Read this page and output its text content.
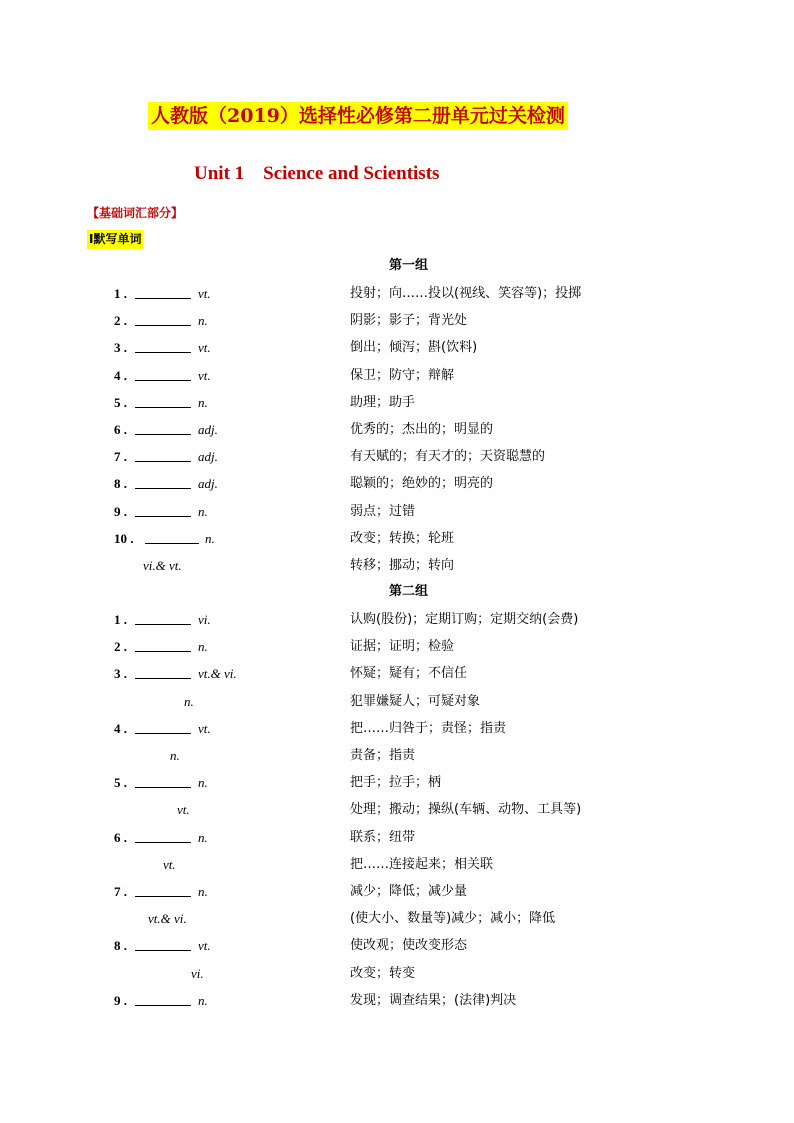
人教版（2019）选择性必修第二册单元过关检测
Unit 1    Science and Scientists
【基础词汇部分】
Ⅰ默写单词
第一组
1 .	vt.	投射；向……投以(视线、笑容等)；投掷
2 .	n.	阴影；影子；背光处
3 .	vt.	倒出；倾泻；斟(饮料)
4 .	vt.	保卫；防守；辩解
5 .	n.	助理；助手
6 .	adj.	优秀的；杰出的；明显的
7 .	adj.	有天赋的；有天才的；天资聪慧的
8 .	adj.	聪颖的；绝妙的；明亮的
9 .	n.	弱点；过错
10 .	n.	改变；转换；轮班
vi.& vt.	转移；挪动；转向
第二组
1 .	vi.	认购(股份)；定期订购；定期交纳(会费)
2 .	n.	证据；证明；检验
3 .	vt.& vi.	怀疑；疑有；不信任
n.	犯罪嫌疑人；可疑对象
4 .	vt.	把……归咎于；责怪；指责
n.	责备；指责
5 .	n.	把手；拉手；柄
vt.	处理；搬动；操纵(车辆、动物、工具等)
6 .	n.	联系；纽带
vt.	把……连接起来；相关联
7 .	n.	减少；降低；减少量
vt.& vi.	(使大小、数量等)减少；减小；降低
8 .	vt.	使改观；使改变形态
vi.	改变；转变
9 .	n.	发现；调查结果；(法律)判决
